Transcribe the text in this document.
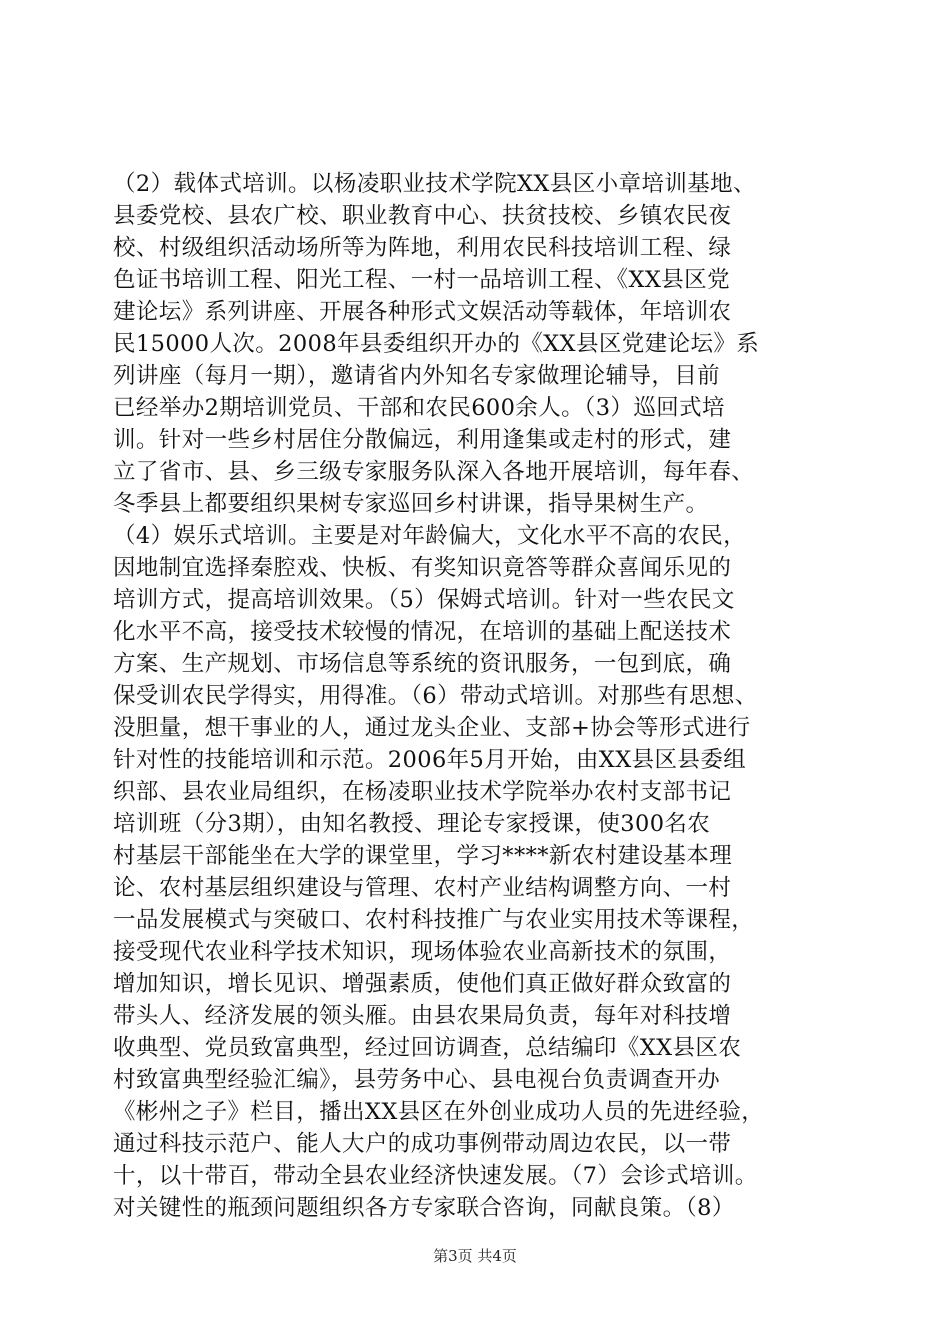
（2）载体式培训。以杨凌职业技术学院XX县区小章培训基地、
县委党校、县农广校、职业教育中心、扶贫技校、乡镇农民夜
校、村级组织活动场所等为阵地，利用农民科技培训工程、绿
色证书培训工程、阳光工程、一村一品培训工程、《XX县区党
建论坛》系列讲座、开展各种形式文娱活动等载体，年培训农
民15000人次。2008年县委组织开办的《XX县区党建论坛》系
列讲座（每月一期），邀请省内外知名专家做理论辅导，目前
已经举办2期培训党员、干部和农民600余人。（3）巡回式培
训。针对一些乡村居住分散偏远，利用逢集或走村的形式，建
立了省市、县、乡三级专家服务队深入各地开展培训，每年春、
冬季县上都要组织果树专家巡回乡村讲课，指导果树生产。
（4）娱乐式培训。主要是对年龄偏大，文化水平不高的农民，
因地制宜选择秦腔戏、快板、有奖知识竟答等群众喜闻乐见的
培训方式，提高培训效果。（5）保姆式培训。针对一些农民文
化水平不高，接受技术较慢的情况，在培训的基础上配送技术
方案、生产规划、市场信息等系统的资讯服务，一包到底，确
保受训农民学得实，用得准。（6）带动式培训。对那些有思想、
没胆量，想干事业的人，通过龙头企业、支部+协会等形式进行
针对性的技能培训和示范。2006年5月开始，由XX县区县委组
织部、县农业局组织，在杨凌职业技术学院举办农村支部书记
培训班（分3期），由知名教授、理论专家授课，使300名农
村基层干部能坐在大学的课堂里，学习****新农村建设基本理
论、农村基层组织建设与管理、农村产业结构调整方向、一村
一品发展模式与突破口、农村科技推广与农业实用技术等课程，
接受现代农业科学技术知识，现场体验农业高新技术的氛围，
增加知识，增长见识、增强素质，使他们真正做好群众致富的
带头人、经济发展的领头雁。由县农果局负责，每年对科技增
收典型、党员致富典型，经过回访调查，总结编印《XX县区农
村致富典型经验汇编》，县劳务中心、县电视台负责调查开办
《彬州之子》栏目，播出XX县区在外创业成功人员的先进经验，
通过科技示范户、能人大户的成功事例带动周边农民，以一带
十，以十带百，带动全县农业经济快速发展。（7）会诊式培训。
对关键性的瓶颈问题组织各方专家联合咨询，同献良策。（8）
第3页 共4页
